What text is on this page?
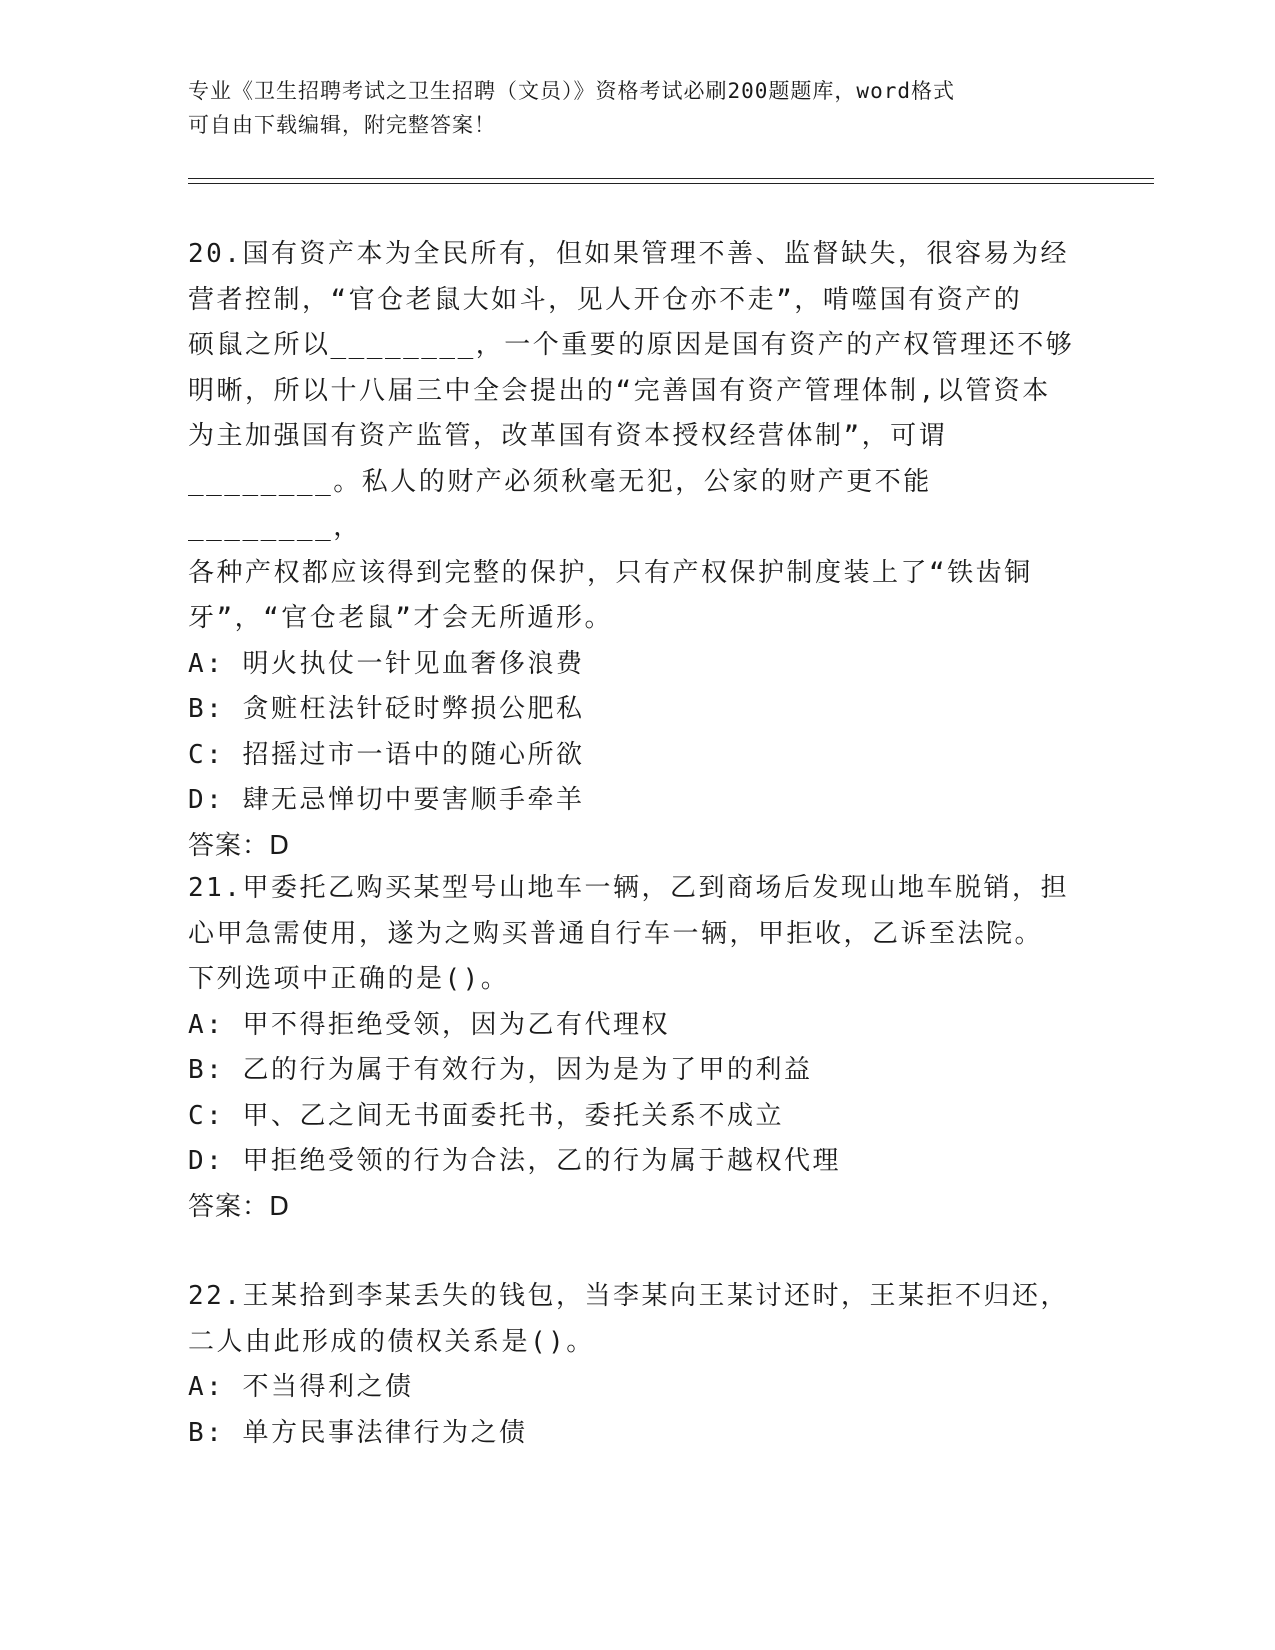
专业《卫生招聘考试之卫生招聘（文员）》资格考试必刷200题题库，word格式
可自由下载编辑，附完整答案！

20.国有资产本为全民所有，但如果管理不善、监督缺失，很容易为经

营者控制，“官仓老鼠大如斗，见人开仓亦不走”，啃噬国有资产的

硕鼠之所以________，一个重要的原因是国有资产的产权管理还不够

明晰，所以十八届三中全会提出的“完善国有资产管理体制,以管资本

为主加强国有资产监管，改革国有资本授权经营体制”，可谓

________。私人的财产必须秋毫无犯，公家的财产更不能________，

各种产权都应该得到完整的保护，只有产权保护制度装上了“铁齿铜

牙”，“官仓老鼠”才会无所遁形。

A: 明火执仗一针见血奢侈浪费

B: 贪赃枉法针砭时弊损公肥私

C: 招摇过市一语中的随心所欲

D: 肆无忌惮切中要害顺手牵羊

答案：D

21.甲委托乙购买某型号山地车一辆，乙到商场后发现山地车脱销，担

心甲急需使用，遂为之购买普通自行车一辆，甲拒收，乙诉至法院。

下列选项中正确的是()。

A: 甲不得拒绝受领，因为乙有代理权

B: 乙的行为属于有效行为，因为是为了甲的利益

C: 甲、乙之间无书面委托书，委托关系不成立

D: 甲拒绝受领的行为合法，乙的行为属于越权代理

答案：D

22.王某拾到李某丢失的钱包，当李某向王某讨还时，王某拒不归还，

二人由此形成的债权关系是()。

A: 不当得利之债

B: 单方民事法律行为之债
